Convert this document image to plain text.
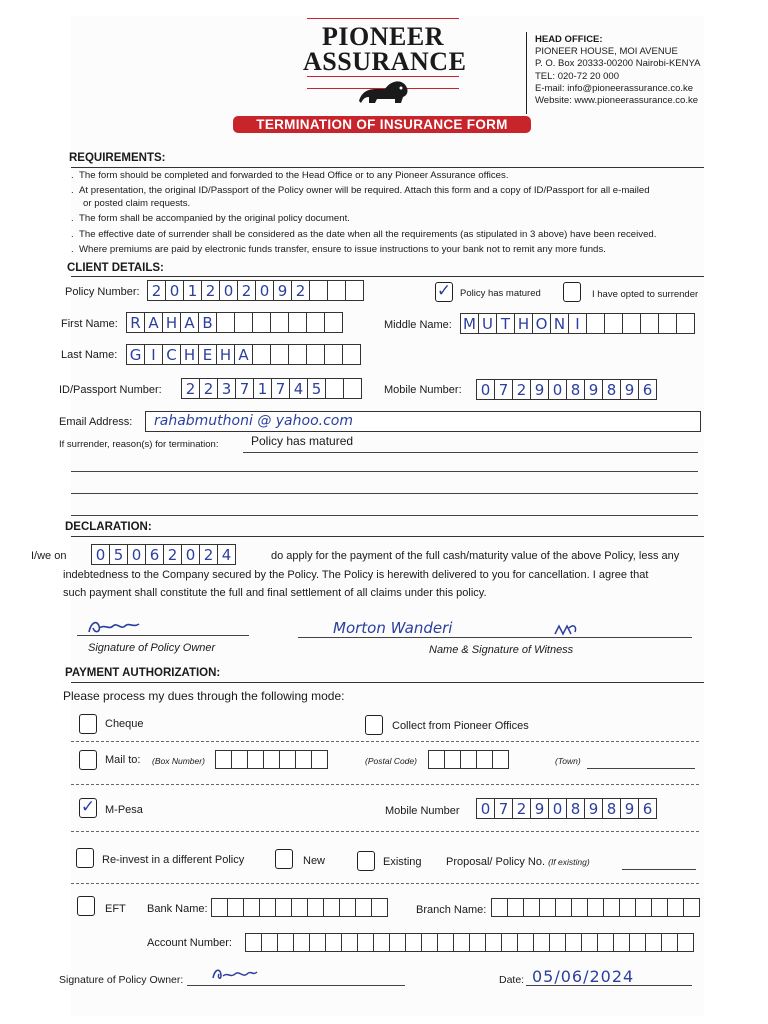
PIONEER
ASSURANCE
HEAD OFFICE:
PIONEER HOUSE, MOI AVENUE
P. O. Box 20333-00200 Nairobi-KENYA
TEL: 020-72 20 000
E-mail: info@pioneerassurance.co.ke
Website: www.pioneerassurance.co.ke
TERMINATION OF INSURANCE FORM
REQUIREMENTS:
.  The form should be completed and forwarded to the Head Office or to any Pioneer Assurance offices.
.  At presentation, the original ID/Passport of the Policy owner will be required. Attach this form and a copy of ID/Passport for all e-mailed
or posted claim requests.
.  The form shall be accompanied by the original policy document.
.  The effective date of surrender shall be considered as the date when all the requirements (as stipulated in 3 above) have been received.
.  Where premiums are paid by electronic funds transfer, ensure to issue instructions to your bank not to remit any more funds.
CLIENT DETAILS:
Policy Number: 2 0 1 2 0 2 0 9 2	✓ Policy has matured	I have opted to surrender
First Name: R A H A B	Middle Name: M U T H O N I
Last Name: G I C H E H A
ID/Passport Number: 2 2 3 7 1 7 4 5	Mobile Number: 0 7 2 9 0 8 9 8 9 6
Email Address: rahabmuthoni @ yahoo.com
If surrender, reason(s) for termination:	Policy has matured
DECLARATION:
I/we on 0 5 0 6 2 0 2 4	do apply for the payment of the full cash/maturity value of the above Policy, less any
indebtedness to the Company secured by the Policy. The Policy is herewith delivered to you for cancellation. I agree that
such payment shall constitute the full and final settlement of all claims under this policy.
Signature of Policy Owner
Morton Wanderi
Name & Signature of Witness
PAYMENT AUTHORIZATION:
Please process my dues through the following mode:
Cheque	Collect from Pioneer Offices
Mail to: (Box Number)	(Postal Code)	(Town)
✓ M-Pesa	Mobile Number 0 7 2 9 0 8 9 8 9 6
Re-invest in a different Policy	New	Existing Proposal/ Policy No. (If existing)
EFT Bank Name:	Branch Name:
Account Number:
Signature of Policy Owner:	Date: 05/06/2024
